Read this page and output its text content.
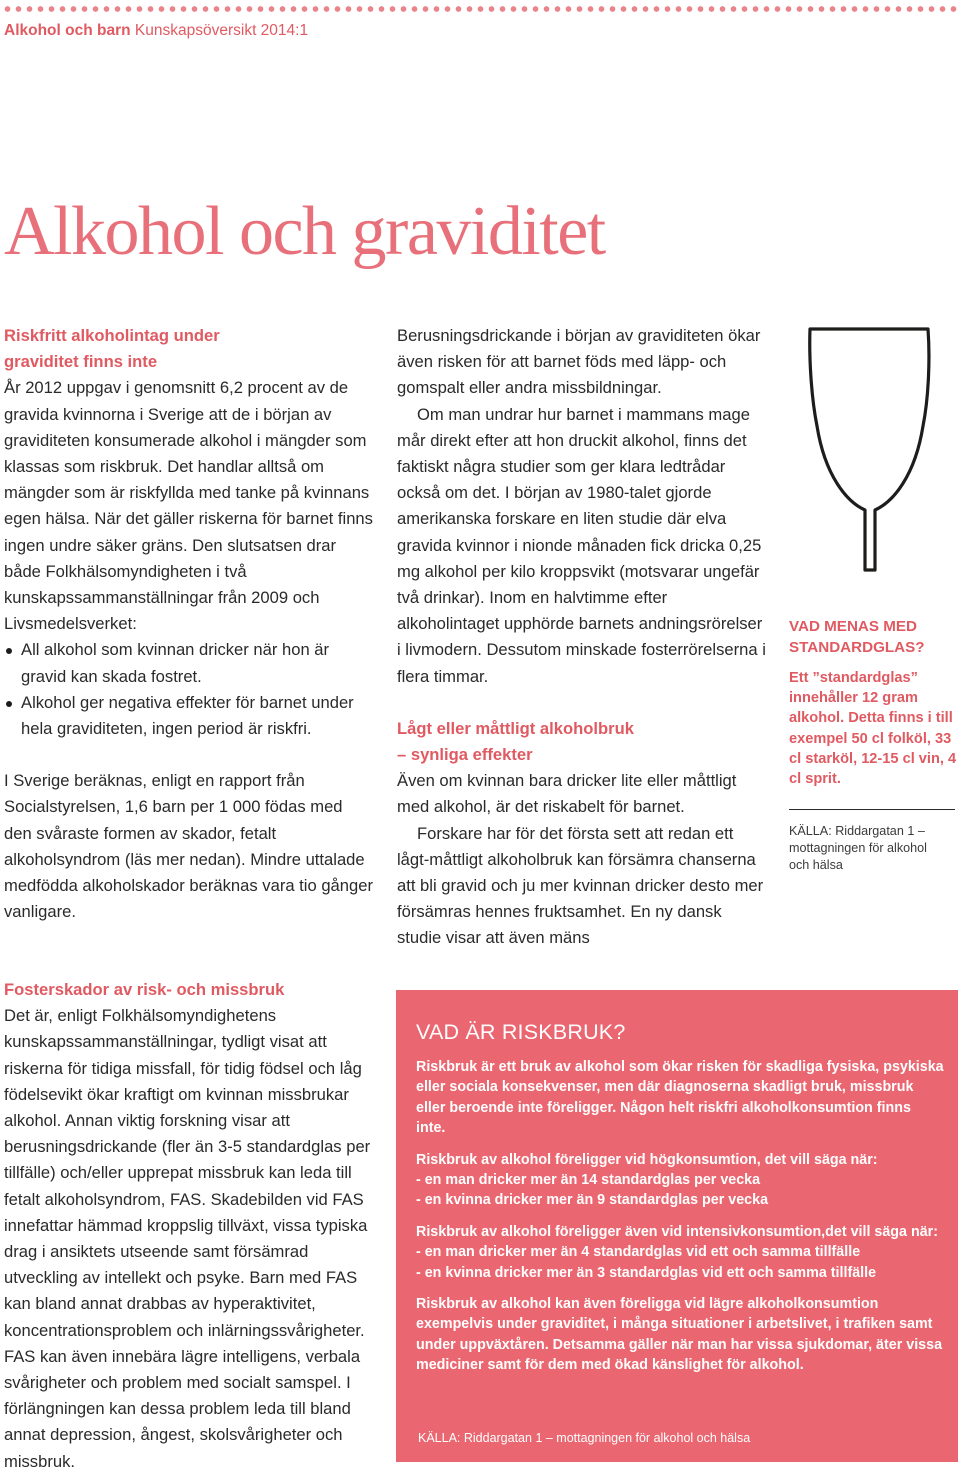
Alkohol och barn Kunskapsöversikt 2014:1
Alkohol och graviditet
Riskfritt alkoholintag under
graviditet finns inte

År 2012 uppgav i genomsnitt 6,2 procent av de gravida kvinnorna i Sverige att de i början av graviditeten konsumerade alkohol i mängder som klassas som riskbruk. Det handlar alltså om mängder som är riskfyllda med tanke på kvinnans egen hälsa. När det gäller riskerna för barnet finns ingen undre säker gräns. Den slutsatsen drar både Folkhälsomyndigheten i två kunskapssammanställningar från 2009 och Livsmedelsverket:

All alkohol som kvinnan dricker när hon är gravid kan skada fostret.
Alkohol ger negativa effekter för barnet under hela graviditeten, ingen period är riskfri.

I Sverige beräknas, enligt en rapport från Socialstyrelsen, 1,6 barn per 1 000 födas med den svåraste formen av skador, fetalt alkoholsyndrom (läs mer nedan). Mindre uttalade medfödda alkoholskador beräknas vara tio gånger vanligare.

Fosterskador av risk- och missbruk

Det är, enligt Folkhälsomyndighetens kunskapssammanställningar, tydligt visat att riskerna för tidiga missfall, för tidig födsel och låg födelsevikt ökar kraftigt om kvinnan missbrukar alkohol. Annan viktig forskning visar att berusningsdrickande (fler än 3-5 standardglas per tillfälle) och/eller upprepat missbruk kan leda till fetalt alkoholsyndrom, FAS. Skadebilden vid FAS innefattar hämmad kroppslig tillväxt, vissa typiska drag i ansiktets utseende samt försämrad utveckling av intellekt och psyke. Barn med FAS kan bland annat drabbas av hyperaktivitet, koncentrationsproblem och inlärningssvårigheter. FAS kan även innebära lägre intelligens, verbala svårigheter och problem med socialt samspel. I förlängningen kan dessa problem leda till bland annat depression, ångest, skolsvårigheter och missbruk.

Berusningsdrickande i början av graviditeten ökar även risken för att barnet föds med läpp- och gomspalt eller andra missbildningar.

Om man undrar hur barnet i mammans mage mår direkt efter att hon druckit alkohol, finns det faktiskt några studier som ger klara ledtrådar också om det. I början av 1980-talet gjorde amerikanska forskare en liten studie där elva gravida kvinnor i nionde månaden fick dricka 0,25 mg alkohol per kilo kroppsvikt (motsvarar ungefär två drinkar). Inom en halvtimme efter alkoholintaget upphörde barnets andningsrörelser i livmodern. Dessutom minskade fosterrörelserna i flera timmar.

Lågt eller måttligt alkoholbruk
– synliga effekter

Även om kvinnan bara dricker lite eller måttligt med alkohol, är det riskabelt för barnet.

Forskare har för det första sett att redan ett lågt-måttligt alkoholbruk kan försämra chanserna att bli gravid och ju mer kvinnan dricker desto mer försämras hennes fruktsamhet. En ny dansk studie visar att även mäns

VAD MENAS MED
STANDARDGLAS?

Ett ”standardglas” innehåller 12 gram alkohol. Detta finns i till exempel 50 cl folköl, 33 cl starköl, 12-15 cl vin, 4 cl sprit.

KÄLLA: Riddargatan 1 – mottagningen för alkohol och hälsa

VAD ÄR RISKBRUK?

Riskbruk är ett bruk av alkohol som ökar risken för skadliga fysiska, psykiska eller sociala konsekvenser, men där diagnoserna skadligt bruk, missbruk eller beroende inte föreligger. Någon helt riskfri alkoholkonsumtion finns inte.

Riskbruk av alkohol föreligger vid högkonsumtion, det vill säga när:
- en man dricker mer än 14 standardglas per vecka
- en kvinna dricker mer än 9 standardglas per vecka
Riskbruk av alkohol föreligger även vid intensivkonsumtion,det vill säga när:
- en man dricker mer än 4 standardglas vid ett och samma tillfälle
- en kvinna dricker mer än 3 standardglas vid ett och samma tillfälle

Riskbruk av alkohol kan även föreligga vid lägre alkoholkonsumtion exempelvis under graviditet, i många situationer i arbetslivet, i trafiken samt under uppväxtåren. Detsamma gäller när man har vissa sjukdomar, äter vissa mediciner samt för dem med ökad känslighet för alkohol.

KÄLLA: Riddargatan 1 – mottagningen för alkohol och hälsa
